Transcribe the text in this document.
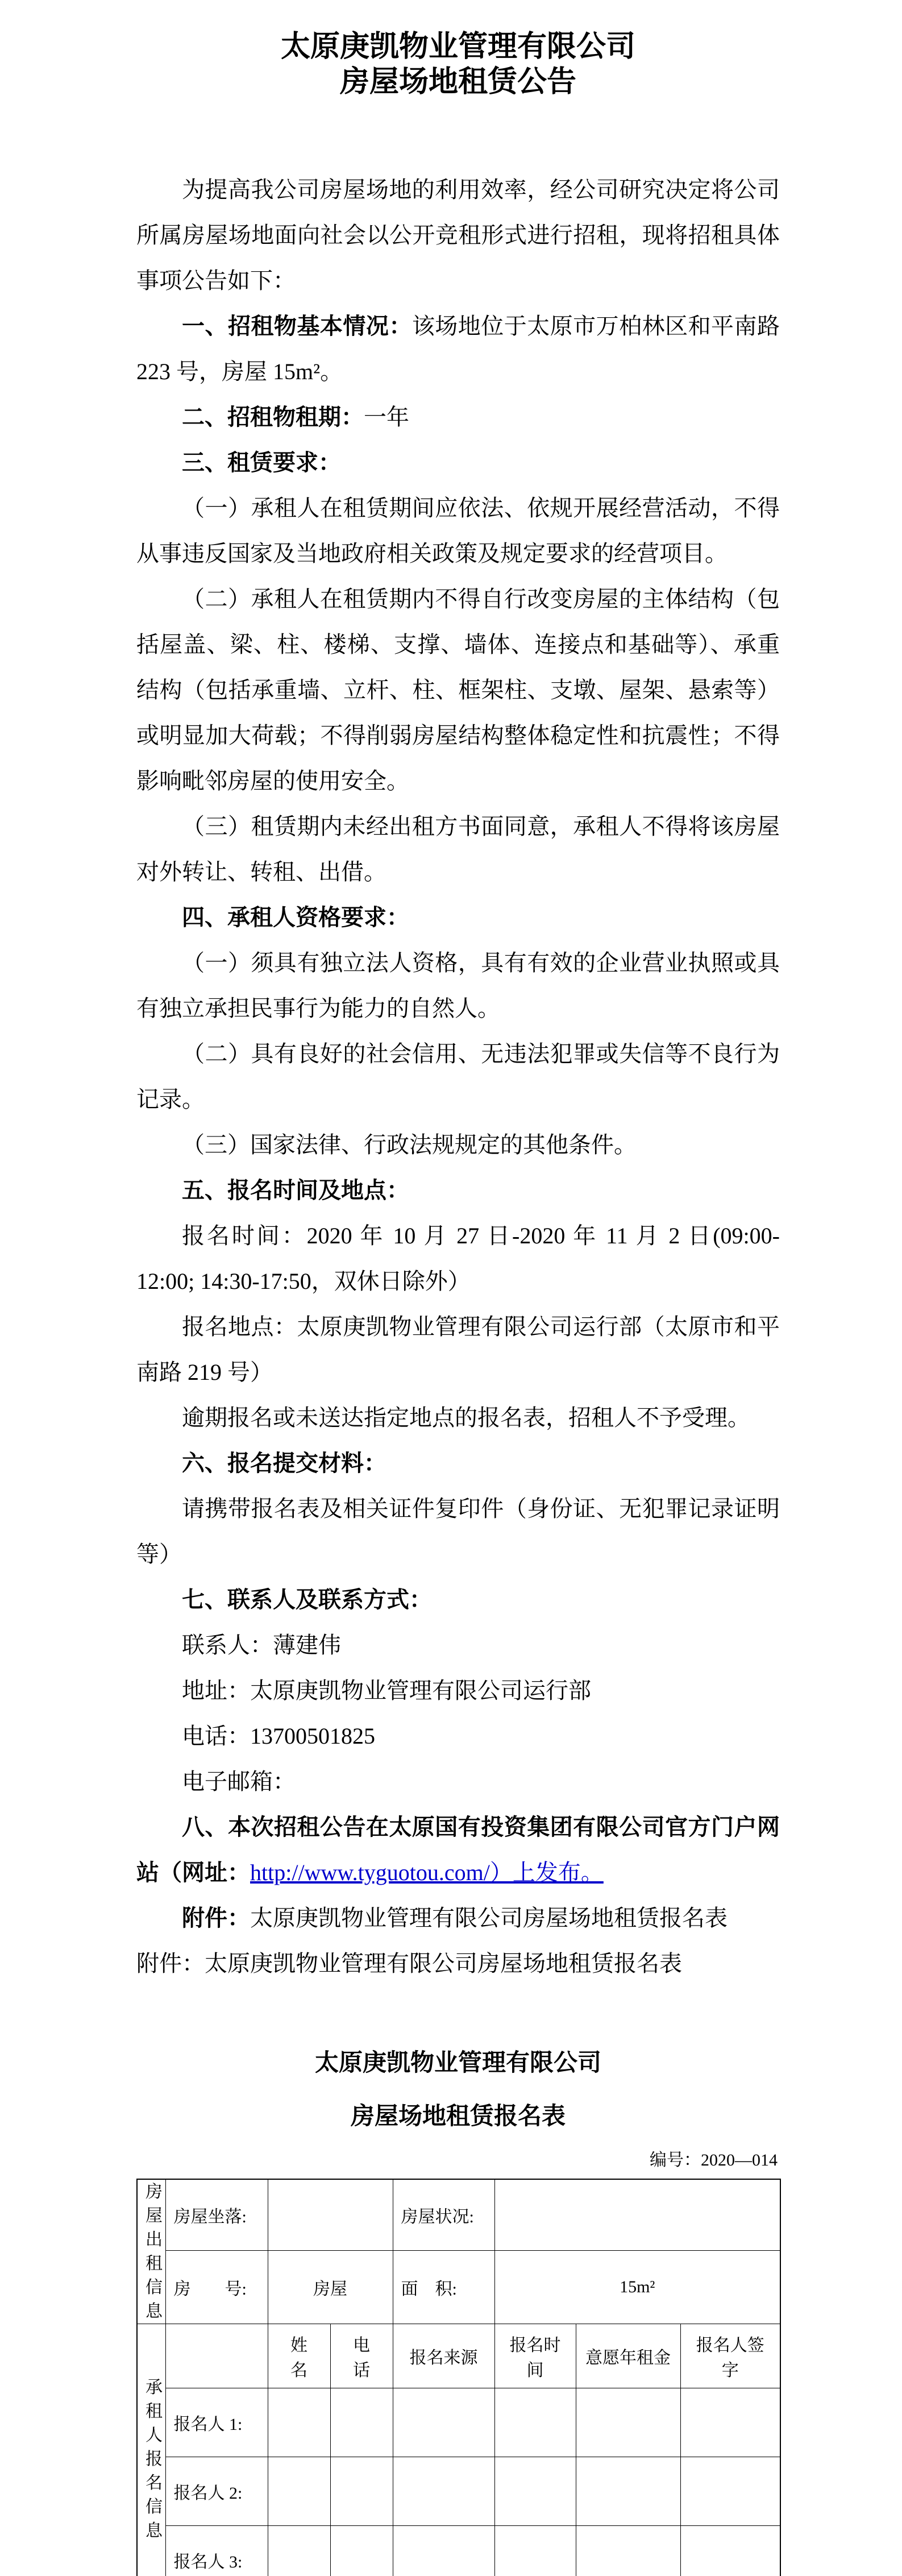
太原庚凯物业管理有限公司
房屋场地租赁公告

为提高我公司房屋场地的利用效率，经公司研究决定将公司所属房屋场地面向社会以公开竞租形式进行招租，现将招租具体事项公告如下：

一、招租物基本情况：该场地位于太原市万柏林区和平南路 223 号，房屋 15m²。

二、招租物租期：一年

三、租赁要求：

（一）承租人在租赁期间应依法、依规开展经营活动，不得从事违反国家及当地政府相关政策及规定要求的经营项目。

（二）承租人在租赁期内不得自行改变房屋的主体结构（包括屋盖、梁、柱、楼梯、支撑、墙体、连接点和基础等）、承重结构（包括承重墙、立杆、柱、框架柱、支墩、屋架、悬索等）或明显加大荷载；不得削弱房屋结构整体稳定性和抗震性；不得影响毗邻房屋的使用安全。

（三）租赁期内未经出租方书面同意，承租人不得将该房屋对外转让、转租、出借。

四、承租人资格要求：

（一）须具有独立法人资格，具有有效的企业营业执照或具有独立承担民事行为能力的自然人。

（二）具有良好的社会信用、无违法犯罪或失信等不良行为记录。

（三）国家法律、行政法规规定的其他条件。

五、报名时间及地点：

报名时间：2020 年 10 月 27 日-2020 年 11 月 2 日(09:00-12:00; 14:30-17:50，双休日除外）

报名地点：太原庚凯物业管理有限公司运行部（太原市和平南路 219 号）

逾期报名或未送达指定地点的报名表，招租人不予受理。

六、报名提交材料：

请携带报名表及相关证件复印件（身份证、无犯罪记录证明等）

七、联系人及联系方式：

联系人：薄建伟

地址：太原庚凯物业管理有限公司运行部

电话：13700501825

电子邮箱：

八、本次招租公告在太原国有投资集团有限公司官方门户网站（网址：http://www.tyguotou.com/）上发布。

附件：太原庚凯物业管理有限公司房屋场地租赁报名表

附件：太原庚凯物业管理有限公司房屋场地租赁报名表

太原庚凯物业管理有限公司
房屋场地租赁报名表
编号：2020—014
房屋出租信息	房屋坐落:			房屋状况:			
	房　　号:	房屋		面　积:	15m²		
承租人报名信息		姓　名	电　话	报名来源	报名时间	意愿年租金	报名人签字
	报名人 1:						
	报名人 2:						
	报名人 3:						
